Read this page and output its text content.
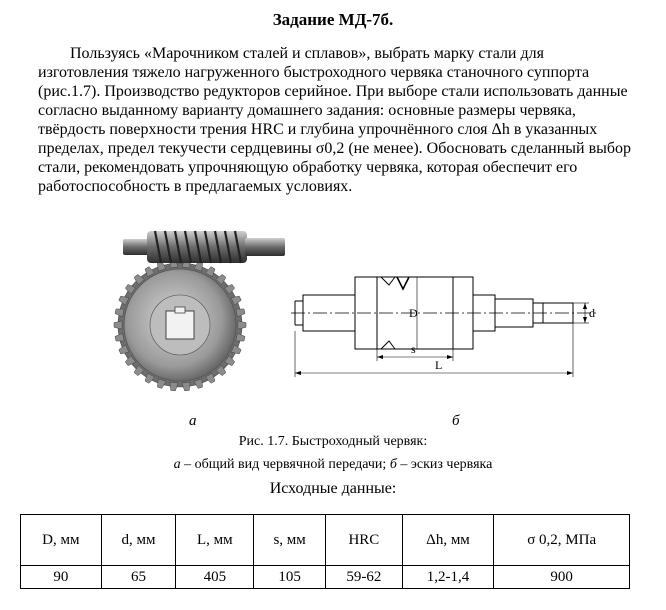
Задание МД-7б.
Пользуясь «Марочником сталей и сплавов», выбрать марку стали для изготовления тяжело нагруженного быстроходного червяка станочного суппорта (рис.1.7). Производство редукторов серийное. При выборе стали использовать данные согласно выданному варианту домашнего задания: основные размеры червяка, твёрдость поверхности трения HRC и глубина упрочнённого слоя Δh в указанных пределах, предел текучести сердцевины σ0,2 (не менее). Обосновать сделанный выбор стали, рекомендовать упрочняющую обработку червяка, которая обеспечит его работоспособность в предлагаемых условиях.
D	d
s
L
а	б
Рис. 1.7. Быстроходный червяк:
а – общий вид червячной передачи; б – эскиз червяка
Исходные данные:
D, мм	d, мм	L, мм	s, мм	HRC	Δh, мм	σ 0,2, МПа
90	65	405	105	59-62	1,2-1,4	900
